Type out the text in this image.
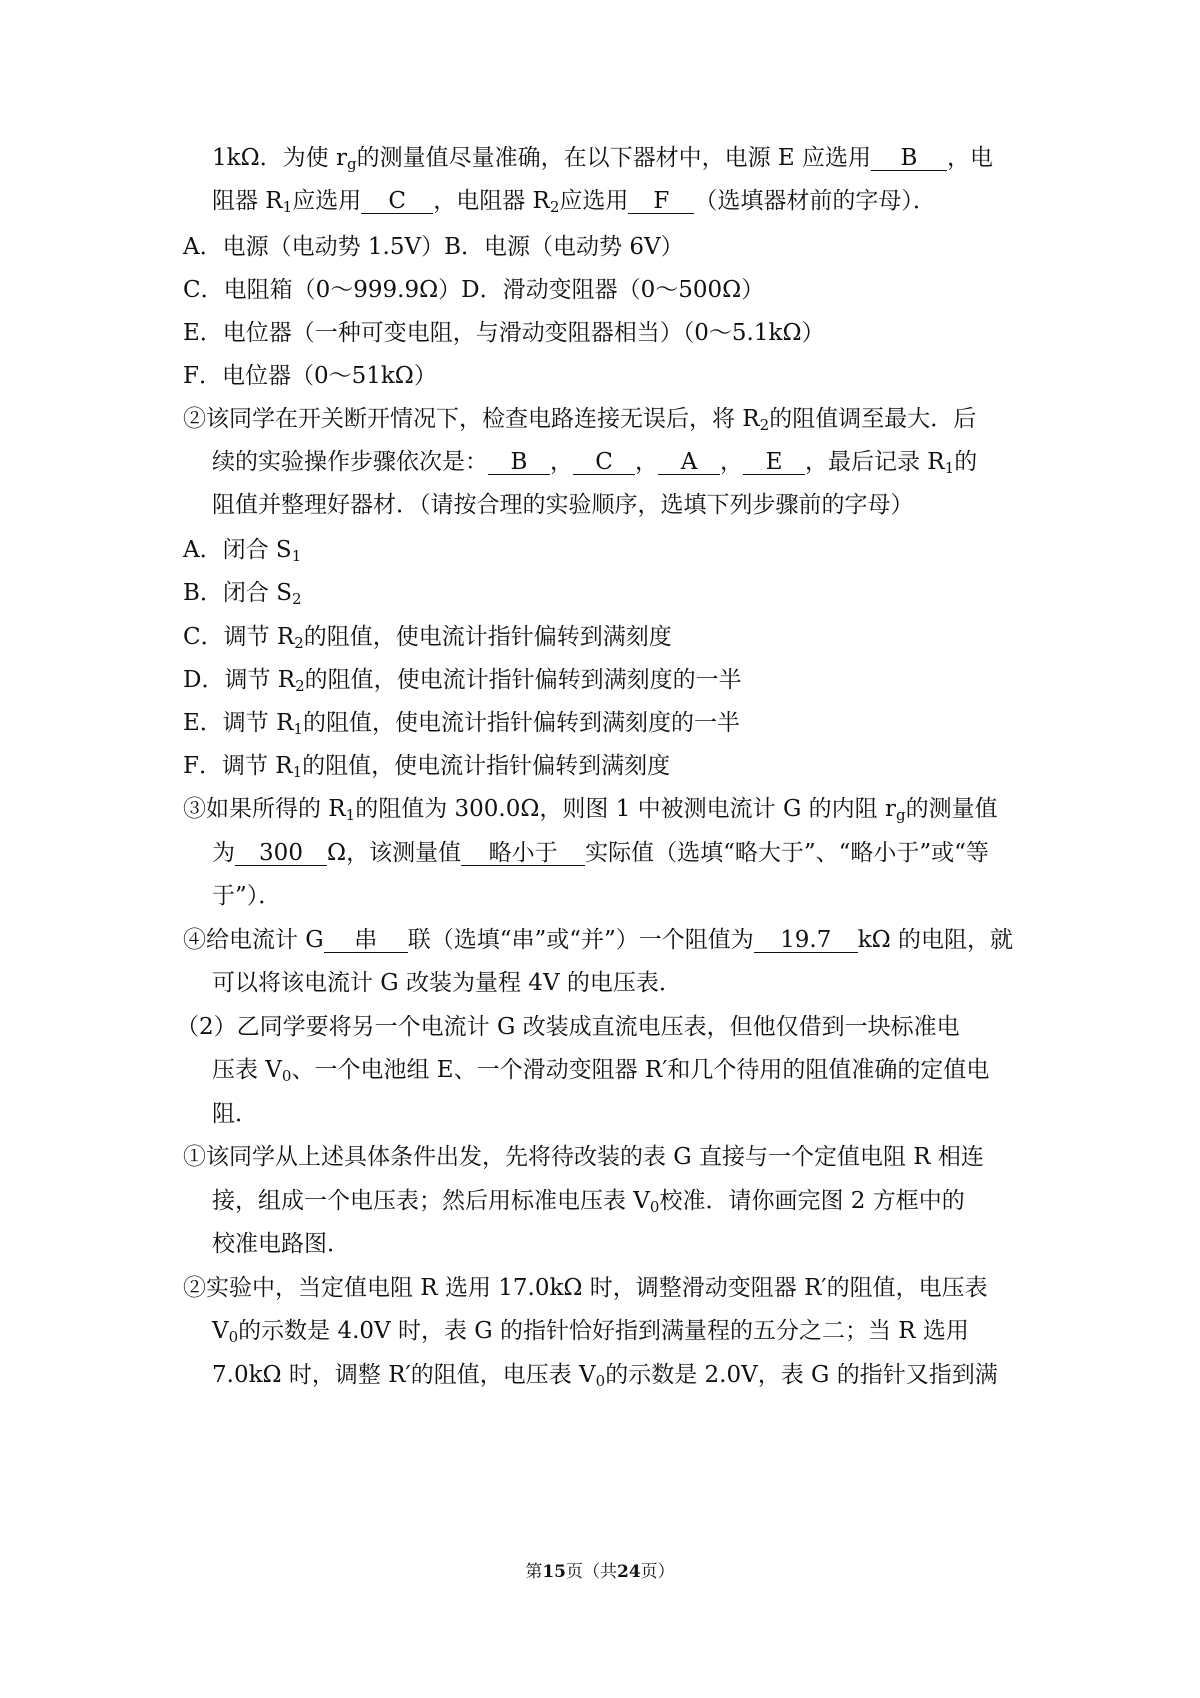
1kΩ．为使 $r_g$的测量值尽量准确，在以下器材中，电源 E 应选用 B ，电
阻器 $R_1$应选用 C ，电阻器 $R_2$应选用 F （选填器材前的字母）．
A．电源（电动势 1.5V）B．电源（电动势 6V）
C．电阻箱（0～999.9Ω）D．滑动变阻器（0～500Ω）
E．电位器（一种可变电阻，与滑动变阻器相当）（0～5.1kΩ）
F．电位器（0～51kΩ）
②该同学在开关断开情况下，检查电路连接无误后，将 $R_2$的阻值调至最大．后
续的实验操作步骤依次是： B ， C ， A ， E ，最后记录 $R_1$的
阻值并整理好器材．（请按合理的实验顺序，选填下列步骤前的字母）
A．闭合 $S_1$
B．闭合 $S_2$
C．调节 $R_2$的阻值，使电流计指针偏转到满刻度
D．调节 $R_2$的阻值，使电流计指针偏转到满刻度的一半
E．调节 $R_1$的阻值，使电流计指针偏转到满刻度的一半
F．调节 $R_1$的阻值，使电流计指针偏转到满刻度
③如果所得的 $R_1$的阻值为 300.0Ω，则图 1 中被测电流计 G 的内阻 $r_g$的测量值
为 300 Ω，该测量值 略小于 实际值（选填“略大于”、“略小于”或“等
于”）．
④给电流计 G 串 联（选填“串”或“并”）一个阻值为 19.7 kΩ 的电阻，就
可以将该电流计 G 改装为量程 4V 的电压表．
（2）乙同学要将另一个电流计 G 改装成直流电压表，但他仅借到一块标准电
压表 $V_0$、一个电池组 E、一个滑动变阻器 R′和几个待用的阻值准确的定值电
阻．
①该同学从上述具体条件出发，先将待改装的表 G 直接与一个定值电阻 R 相连
接，组成一个电压表；然后用标准电压表 $V_0$校准．请你画完图 2 方框中的
校准电路图．
②实验中，当定值电阻 R 选用 17.0kΩ 时，调整滑动变阻器 R′的阻值，电压表
$V_0$的示数是 4.0V 时，表 G 的指针恰好指到满量程的五分之二；当 R 选用
7.0kΩ 时，调整 R′的阻值，电压表 $V_0$的示数是 2.0V，表 G 的指针又指到满
第15页（共24页）
